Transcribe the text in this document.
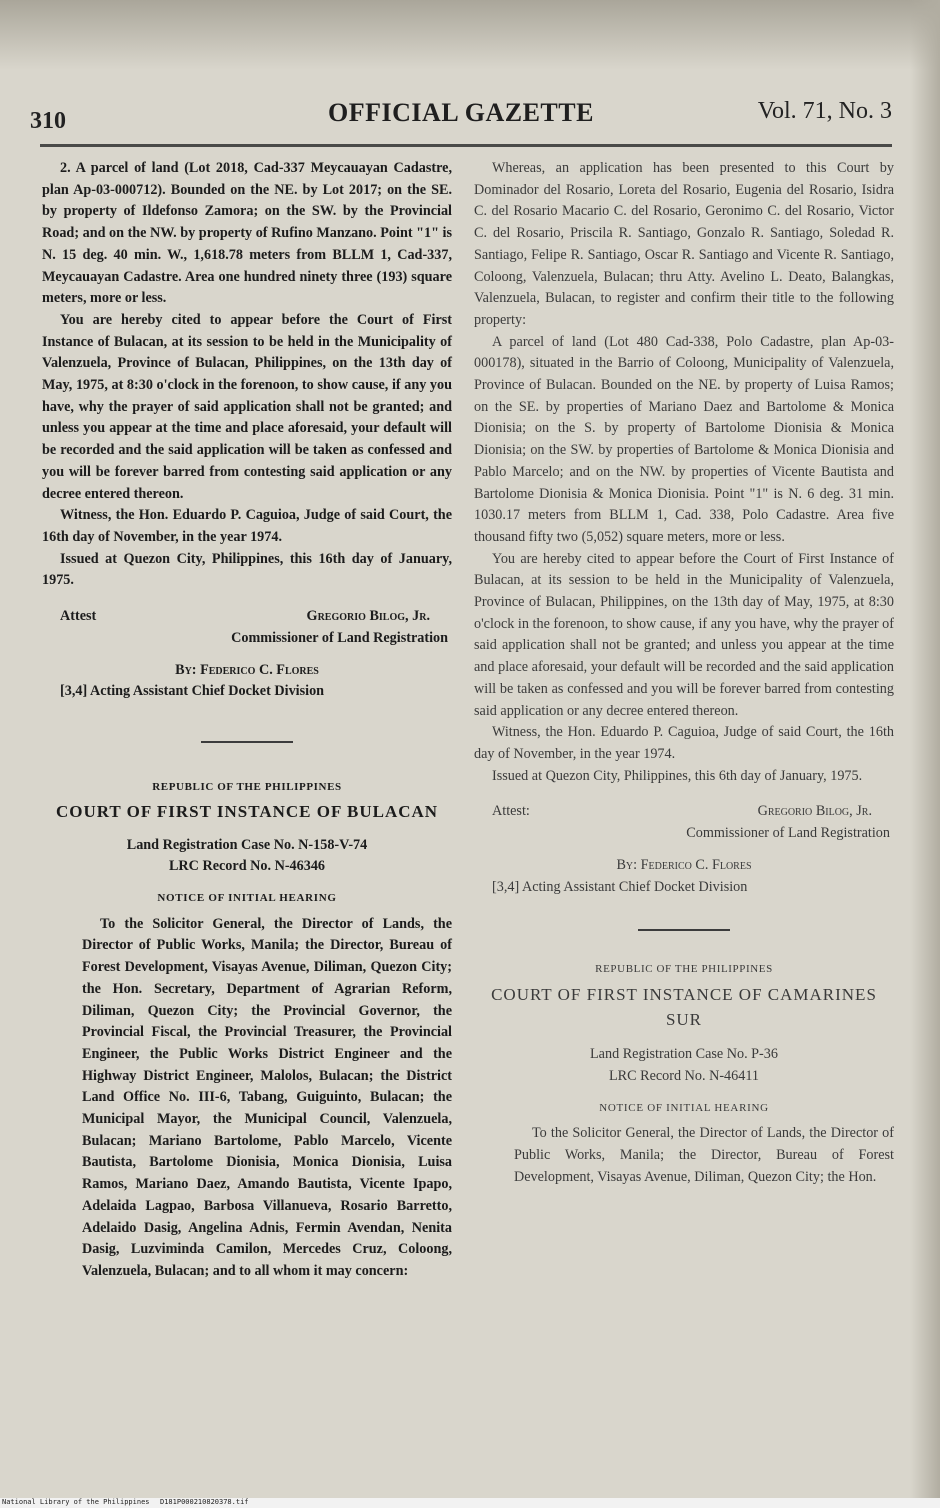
310	OFFICIAL GAZETTE	Vol. 71, No. 3

2. A parcel of land (Lot 2018, Cad-337 Meycauayan Cadastre, plan Ap-03-000712). Bounded on the NE. by Lot 2017; on the SE. by property of Ildefonso Zamora; on the SW. by the Provincial Road; and on the NW. by property of Rufino Manzano. Point "1" is N. 15 deg. 40 min. W., 1,618.78 meters from BLLM 1, Cad-337, Meycauayan Cadastre. Area one hundred ninety three (193) square meters, more or less.

You are hereby cited to appear before the Court of First Instance of Bulacan, at its session to be held in the Municipality of Valenzuela, Province of Bulacan, Philippines, on the 13th day of May, 1975, at 8:30 o'clock in the forenoon, to show cause, if any you have, why the prayer of said application shall not be granted; and unless you appear at the time and place aforesaid, your default will be recorded and the said application will be taken as confessed and you will be forever barred from contesting said application or any decree entered thereon.

Witness, the Hon. Eduardo P. Caguioa, Judge of said Court, the 16th day of November, in the year 1974.

Issued at Quezon City, Philippines, this 16th day of January, 1975.

Attest	Gregorio Bilog, Jr.
Commissioner of Land Registration
By: Federico C. Flores
[3,4] Acting Assistant Chief Docket Division
REPUBLIC OF THE PHILIPPINES
COURT OF FIRST INSTANCE OF BULACAN
Land Registration Case No. N-158-V-74
LRC Record No. N-46346
NOTICE OF INITIAL HEARING

To the Solicitor General, the Director of Lands, the Director of Public Works, Manila; the Director, Bureau of Forest Development, Visayas Avenue, Diliman, Quezon City; the Hon. Secretary, Department of Agrarian Reform, Diliman, Quezon City; the Provincial Governor, the Provincial Fiscal, the Provincial Treasurer, the Provincial Engineer, the Public Works District Engineer and the Highway District Engineer, Malolos, Bulacan; the District Land Office No. III-6, Tabang, Guiguinto, Bulacan; the Municipal Mayor, the Municipal Council, Valenzuela, Bulacan; Mariano Bartolome, Pablo Marcelo, Vicente Bautista, Bartolome Dionisia, Monica Dionisia, Luisa Ramos, Mariano Daez, Amando Bautista, Vicente Ipapo, Adelaida Lagpao, Barbosa Villanueva, Rosario Barretto, Adelaido Dasig, Angelina Adnis, Fermin Avendan, Nenita Dasig, Luzviminda Camilon, Mercedes Cruz, Coloong, Valenzuela, Bulacan; and to all whom it may concern:

Whereas, an application has been presented to this Court by Dominador del Rosario, Loreta del Rosario, Eugenia del Rosario, Isidra C. del Rosario Macario C. del Rosario, Geronimo C. del Rosario, Victor C. del Rosario, Priscila R. Santiago, Gonzalo R. Santiago, Soledad R. Santiago, Felipe R. Santiago, Oscar R. Santiago and Vicente R. Santiago, Coloong, Valenzuela, Bulacan; thru Atty. Avelino L. Deato, Balangkas, Valenzuela, Bulacan, to register and confirm their title to the following property:

A parcel of land (Lot 480 Cad-338, Polo Cadastre, plan Ap-03-000178), situated in the Barrio of Coloong, Municipality of Valenzuela, Province of Bulacan. Bounded on the NE. by property of Luisa Ramos; on the SE. by properties of Mariano Daez and Bartolome & Monica Dionisia; on the S. by property of Bartolome Dionisia & Monica Dionisia; on the SW. by properties of Bartolome & Monica Dionisia and Pablo Marcelo; and on the NW. by properties of Vicente Bautista and Bartolome Dionisia & Monica Dionisia. Point "1" is N. 6 deg. 31 min. 1030.17 meters from BLLM 1, Cad. 338, Polo Cadastre. Area five thousand fifty two (5,052) square meters, more or less.

You are hereby cited to appear before the Court of First Instance of Bulacan, at its session to be held in the Municipality of Valenzuela, Province of Bulacan, Philippines, on the 13th day of May, 1975, at 8:30 o'clock in the forenoon, to show cause, if any you have, why the prayer of said application shall not be granted; and unless you appear at the time and place aforesaid, your default will be recorded and the said application will be taken as confessed and you will be forever barred from contesting said application or any decree entered thereon.

Witness, the Hon. Eduardo P. Caguioa, Judge of said Court, the 16th day of November, in the year 1974.

Issued at Quezon City, Philippines, this 6th day of January, 1975.

Attest:	Gregorio Bilog, Jr.
Commissioner of Land Registration
By: Federico C. Flores
[3,4] Acting Assistant Chief Docket Division
REPUBLIC OF THE PHILIPPINES
COURT OF FIRST INSTANCE OF CAMARINES SUR
Land Registration Case No. P-36
LRC Record No. N-46411
NOTICE OF INITIAL HEARING

To the Solicitor General, the Director of Lands, the Director of Public Works, Manila; the Director, Bureau of Forest Development, Visayas Avenue, Diliman, Quezon City; the Hon.

National Library of the Philippines D181P000210820378.tif
